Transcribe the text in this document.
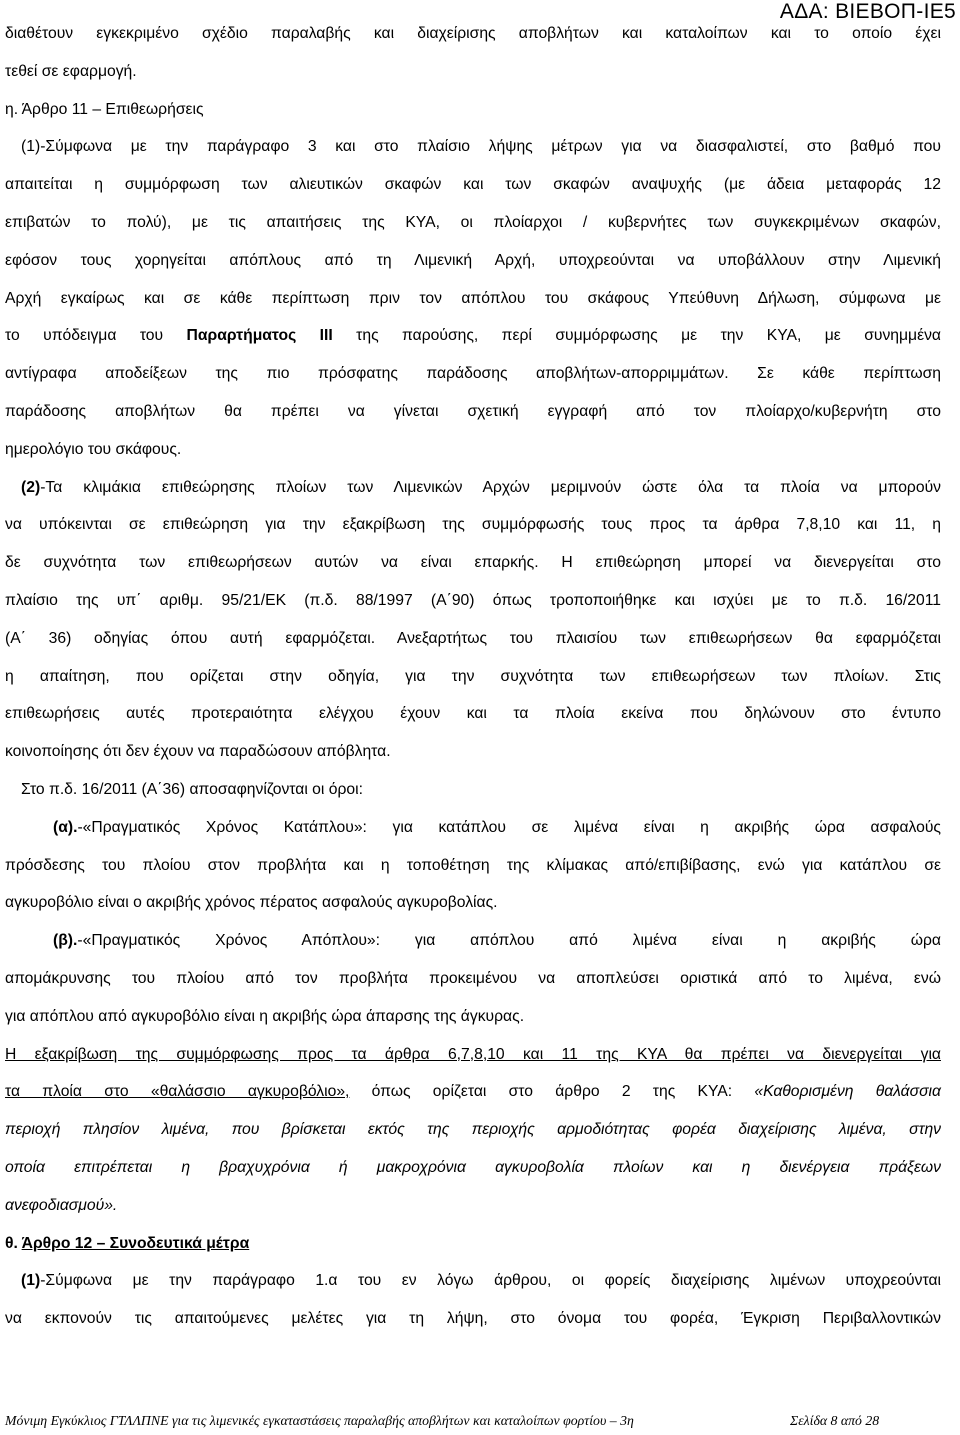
ΑΔΑ: ΒΙΕΒΟΠ-ΙΕ5
διαθέτουν εγκεκριμένο σχέδιο παραλαβής και διαχείρισης αποβλήτων και καταλοίπων και το οποίο έχει
τεθεί σε εφαρμογή.
η. Άρθρο 11 – Επιθεωρήσεις
(1)-Σύμφωνα με την παράγραφο 3 και στο πλαίσιο λήψης μέτρων για να διασφαλιστεί, στο βαθμό που
απαιτείται η συμμόρφωση των αλιευτικών σκαφών και των σκαφών αναψυχής (με άδεια μεταφοράς 12
επιβατών το πολύ), με τις απαιτήσεις της ΚΥΑ, οι πλοίαρχοι / κυβερνήτες των συγκεκριμένων σκαφών,
εφόσον τους χορηγείται απόπλους από τη Λιμενική Αρχή, υποχρεούνται να υποβάλλουν στην Λιμενική
Αρχή εγκαίρως και σε κάθε περίπτωση πριν τον απόπλου του σκάφους Υπεύθυνη Δήλωση, σύμφωνα με
το υπόδειγμα του Παραρτήματος III της παρούσης, περί συμμόρφωσης με την ΚΥΑ, με συνημμένα
αντίγραφα αποδείξεων της πιο πρόσφατης παράδοσης αποβλήτων-απορριμμάτων. Σε κάθε περίπτωση
παράδοσης αποβλήτων θα πρέπει να γίνεται σχετική εγγραφή από τον πλοίαρχο/κυβερνήτη στο
ημερολόγιο του σκάφους.
(2)-Τα κλιμάκια επιθεώρησης πλοίων των Λιμενικών Αρχών μεριμνούν ώστε όλα τα πλοία να μπορούν
να υπόκεινται σε επιθεώρηση για την εξακρίβωση της συμμόρφωσής τους προς τα άρθρα 7,8,10 και 11, η
δε συχνότητα των επιθεωρήσεων αυτών να είναι επαρκής. Η επιθεώρηση μπορεί να διενεργείται στο
πλαίσιο της υπ΄ αριθμ. 95/21/ΕΚ (π.δ. 88/1997 (Α΄90) όπως τροποποιήθηκε και ισχύει με το π.δ. 16/2011
(Α΄ 36) οδηγίας όπου αυτή εφαρμόζεται. Ανεξαρτήτως του πλαισίου των επιθεωρήσεων θα εφαρμόζεται
η απαίτηση, που ορίζεται στην οδηγία, για την συχνότητα των επιθεωρήσεων των πλοίων. Στις
επιθεωρήσεις αυτές προτεραιότητα ελέγχου έχουν και τα πλοία εκείνα που δηλώνουν στο έντυπο
κοινοποίησης ότι δεν έχουν να παραδώσουν απόβλητα.
Στο π.δ. 16/2011 (Α΄36) αποσαφηνίζονται οι όροι:
(α).-«Πραγματικός Χρόνος Κατάπλου»: για κατάπλου σε λιμένα είναι η ακριβής ώρα ασφαλούς
πρόσδεσης του πλοίου στον προβλήτα και η τοποθέτηση της κλίμακας από/επιβίβασης, ενώ για κατάπλου σε
αγκυροβόλιο είναι ο ακριβής χρόνος πέρατος ασφαλούς αγκυροβολίας.
(β).-«Πραγματικός Χρόνος Απόπλου»: για απόπλου από λιμένα είναι η ακριβής ώρα
απομάκρυνσης του πλοίου από τον προβλήτα προκειμένου να αποπλεύσει οριστικά από το λιμένα, ενώ
για απόπλου από αγκυροβόλιο είναι η ακριβής ώρα άπαρσης της άγκυρας.
Η εξακρίβωση της συμμόρφωσης προς τα άρθρα 6,7,8,10 και 11 της ΚΥΑ θα πρέπει να διενεργείται για
τα πλοία στο «θαλάσσιο αγκυροβόλιο», όπως ορίζεται στο άρθρο 2 της ΚΥΑ: «Καθορισμένη θαλάσσια
περιοχή πλησίον λιμένα, που βρίσκεται εκτός της περιοχής αρμοδιότητας φορέα διαχείρισης λιμένα, στην
οποία επιτρέπεται η βραχυχρόνια ή μακροχρόνια αγκυροβολία πλοίων και η διενέργεια πράξεων
ανεφοδιασμού».
θ. Άρθρο 12 – Συνοδευτικά μέτρα
(1)-Σύμφωνα με την παράγραφο 1.α του εν λόγω άρθρου, οι φορείς διαχείρισης λιμένων υποχρεούνται
να εκπονούν τις απαιτούμενες μελέτες για τη λήψη, στο όνομα του φορέα, Έγκριση Περιβαλλοντικών
Μόνιμη Εγκύκλιος ΓΤΛΛΠΝΕ για τις λιμενικές εγκαταστάσεις παραλαβής αποβλήτων και καταλοίπων φορτίου – 3η	Σελίδα 8 από 28
